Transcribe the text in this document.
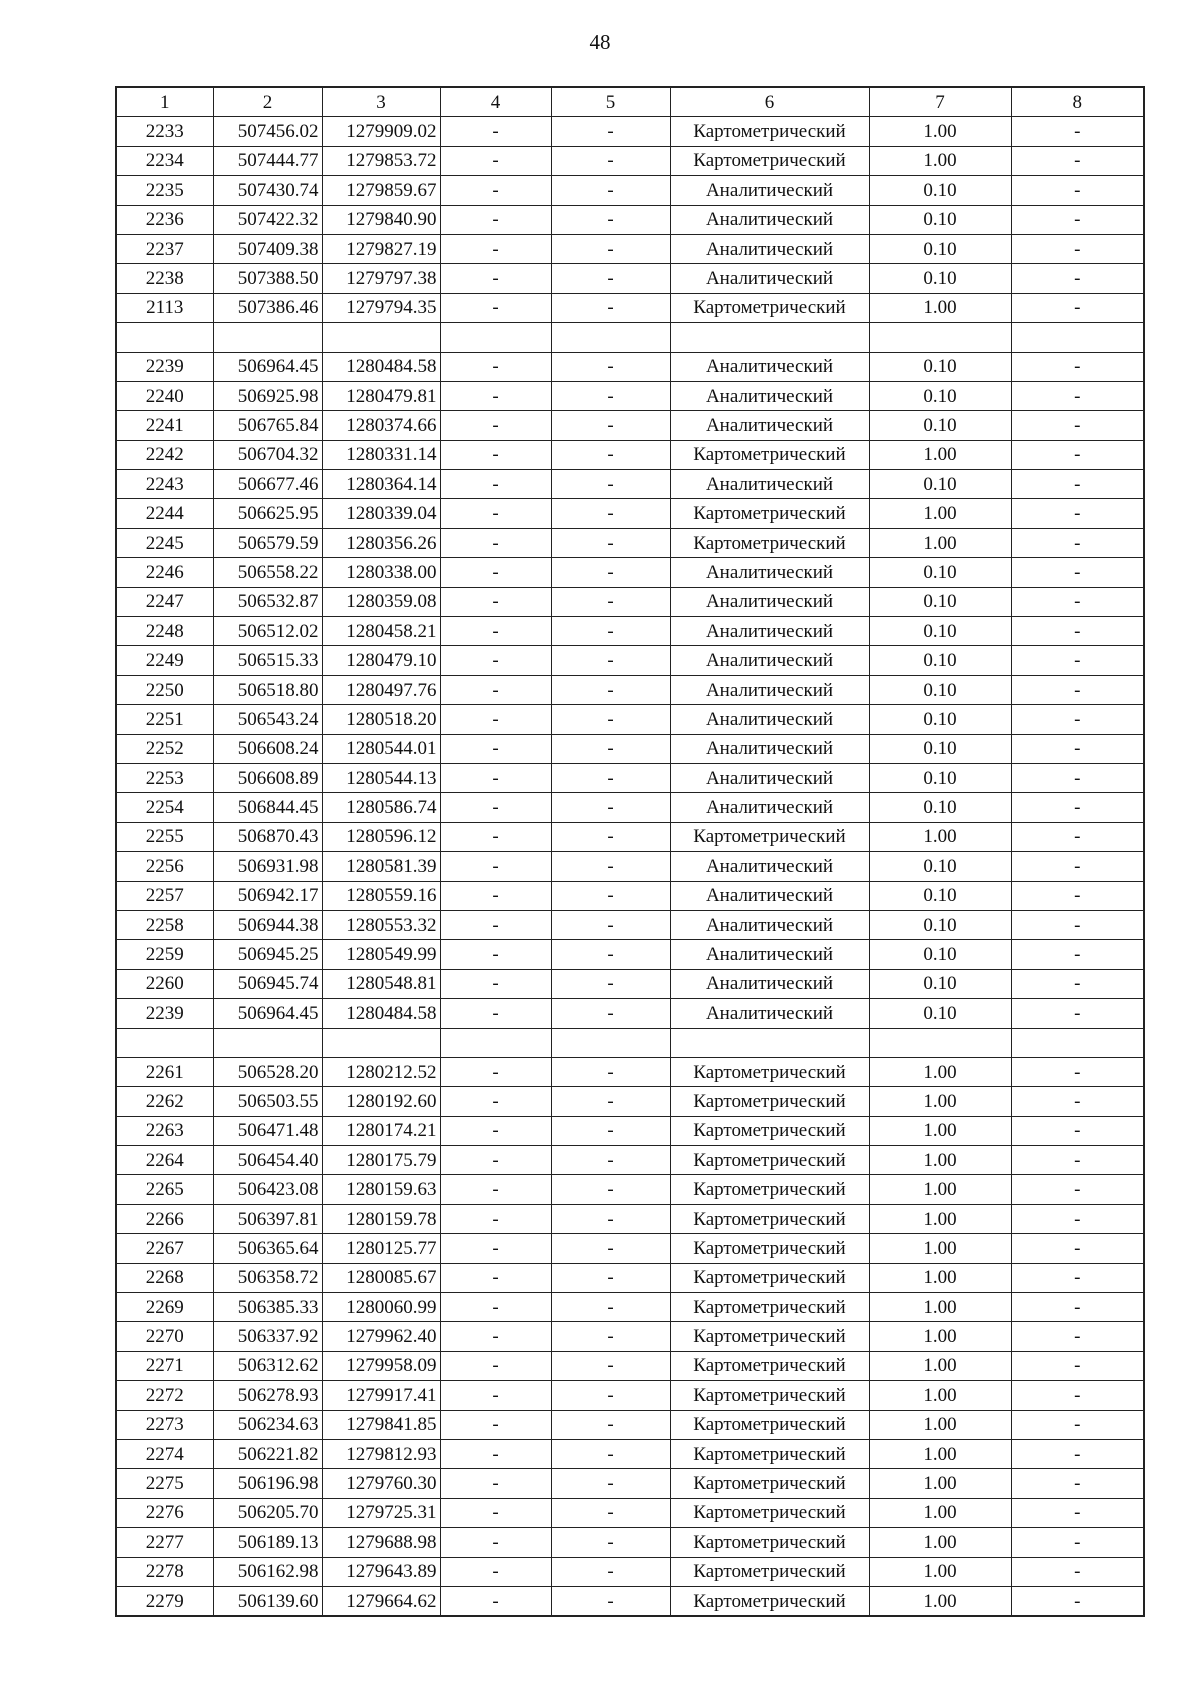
48
1	2	3	4	5	6	7	8
2233	507456.02	1279909.02	-	-	Картометрический	1.00	-
2234	507444.77	1279853.72	-	-	Картометрический	1.00	-
2235	507430.74	1279859.67	-	-	Аналитический	0.10	-
2236	507422.32	1279840.90	-	-	Аналитический	0.10	-
2237	507409.38	1279827.19	-	-	Аналитический	0.10	-
2238	507388.50	1279797.38	-	-	Аналитический	0.10	-
2113	507386.46	1279794.35	-	-	Картометрический	1.00	-

2239	506964.45	1280484.58	-	-	Аналитический	0.10	-
2240	506925.98	1280479.81	-	-	Аналитический	0.10	-
2241	506765.84	1280374.66	-	-	Аналитический	0.10	-
2242	506704.32	1280331.14	-	-	Картометрический	1.00	-
2243	506677.46	1280364.14	-	-	Аналитический	0.10	-
2244	506625.95	1280339.04	-	-	Картометрический	1.00	-
2245	506579.59	1280356.26	-	-	Картометрический	1.00	-
2246	506558.22	1280338.00	-	-	Аналитический	0.10	-
2247	506532.87	1280359.08	-	-	Аналитический	0.10	-
2248	506512.02	1280458.21	-	-	Аналитический	0.10	-
2249	506515.33	1280479.10	-	-	Аналитический	0.10	-
2250	506518.80	1280497.76	-	-	Аналитический	0.10	-
2251	506543.24	1280518.20	-	-	Аналитический	0.10	-
2252	506608.24	1280544.01	-	-	Аналитический	0.10	-
2253	506608.89	1280544.13	-	-	Аналитический	0.10	-
2254	506844.45	1280586.74	-	-	Аналитический	0.10	-
2255	506870.43	1280596.12	-	-	Картометрический	1.00	-
2256	506931.98	1280581.39	-	-	Аналитический	0.10	-
2257	506942.17	1280559.16	-	-	Аналитический	0.10	-
2258	506944.38	1280553.32	-	-	Аналитический	0.10	-
2259	506945.25	1280549.99	-	-	Аналитический	0.10	-
2260	506945.74	1280548.81	-	-	Аналитический	0.10	-
2239	506964.45	1280484.58	-	-	Аналитический	0.10	-

2261	506528.20	1280212.52	-	-	Картометрический	1.00	-
2262	506503.55	1280192.60	-	-	Картометрический	1.00	-
2263	506471.48	1280174.21	-	-	Картометрический	1.00	-
2264	506454.40	1280175.79	-	-	Картометрический	1.00	-
2265	506423.08	1280159.63	-	-	Картометрический	1.00	-
2266	506397.81	1280159.78	-	-	Картометрический	1.00	-
2267	506365.64	1280125.77	-	-	Картометрический	1.00	-
2268	506358.72	1280085.67	-	-	Картометрический	1.00	-
2269	506385.33	1280060.99	-	-	Картометрический	1.00	-
2270	506337.92	1279962.40	-	-	Картометрический	1.00	-
2271	506312.62	1279958.09	-	-	Картометрический	1.00	-
2272	506278.93	1279917.41	-	-	Картометрический	1.00	-
2273	506234.63	1279841.85	-	-	Картометрический	1.00	-
2274	506221.82	1279812.93	-	-	Картометрический	1.00	-
2275	506196.98	1279760.30	-	-	Картометрический	1.00	-
2276	506205.70	1279725.31	-	-	Картометрический	1.00	-
2277	506189.13	1279688.98	-	-	Картометрический	1.00	-
2278	506162.98	1279643.89	-	-	Картометрический	1.00	-
2279	506139.60	1279664.62	-	-	Картометрический	1.00	-
